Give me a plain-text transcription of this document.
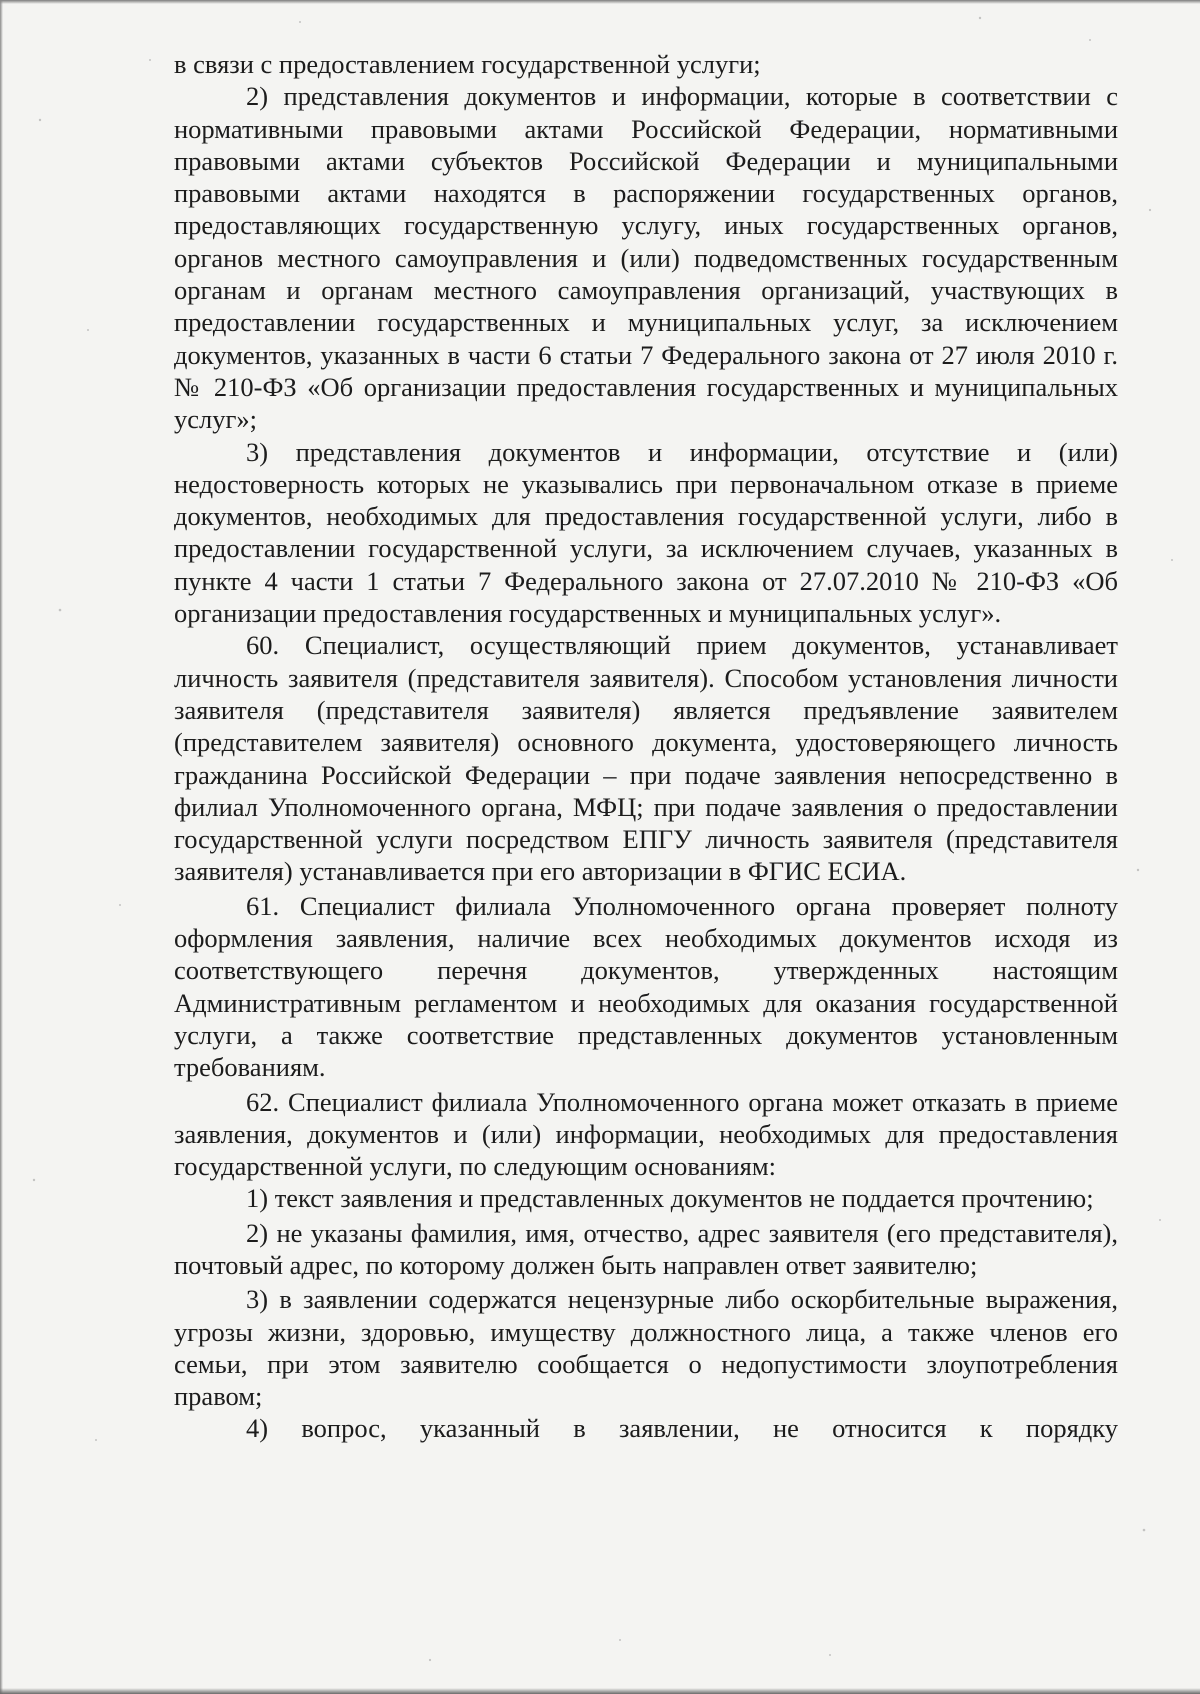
в связи с предоставлением государственной услуги;

2) представления документов и информации, которые в соответствии с нормативными правовыми актами Российской Федерации, нормативными правовыми актами субъектов Российской Федерации и муниципальными правовыми актами находятся в распоряжении государственных органов, предоставляющих государственную услугу, иных государственных органов, органов местного самоуправления и (или) подведомственных государственным органам и органам местного самоуправления организаций, участвующих в предоставлении государственных и муниципальных услуг, за исключением документов, указанных в части 6 статьи 7 Федерального закона от 27 июля 2010 г. № 210-ФЗ «Об организации предоставления государственных и муниципальных услуг»;

3) представления документов и информации, отсутствие и (или) недостоверность которых не указывались при первоначальном отказе в приеме документов, необходимых для предоставления государственной услуги, либо в предоставлении государственной услуги, за исключением случаев, указанных в пункте 4 части 1 статьи 7 Федерального закона от 27.07.2010 № 210-ФЗ «Об организации предоставления государственных и муниципальных услуг».

60. Специалист, осуществляющий прием документов, устанавливает личность заявителя (представителя заявителя). Способом установления личности заявителя (представителя заявителя) является предъявление заявителем (представителем заявителя) основного документа, удостоверяющего личность гражданина Российской Федерации – при подаче заявления непосредственно в филиал Уполномоченного органа, МФЦ; при подаче заявления о предоставлении государственной услуги посредством ЕПГУ личность заявителя (представителя заявителя) устанавливается при его авторизации в ФГИС ЕСИА.

61. Специалист филиала Уполномоченного органа проверяет полноту оформления заявления, наличие всех необходимых документов исходя из соответствующего перечня документов, утвержденных настоящим Административным регламентом и необходимых для оказания государственной услуги, а также соответствие представленных документов установленным требованиям.

62. Специалист филиала Уполномоченного органа может отказать в приеме заявления, документов и (или) информации, необходимых для предоставления государственной услуги, по следующим основаниям:

1) текст заявления и представленных документов не поддается прочтению;

2) не указаны фамилия, имя, отчество, адрес заявителя (его представителя), почтовый адрес, по которому должен быть направлен ответ заявителю;

3) в заявлении содержатся нецензурные либо оскорбительные выражения, угрозы жизни, здоровью, имуществу должностного лица, а также членов его семьи, при этом заявителю сообщается о недопустимости злоупотребления правом;

4) вопрос, указанный в заявлении, не относится к порядку
